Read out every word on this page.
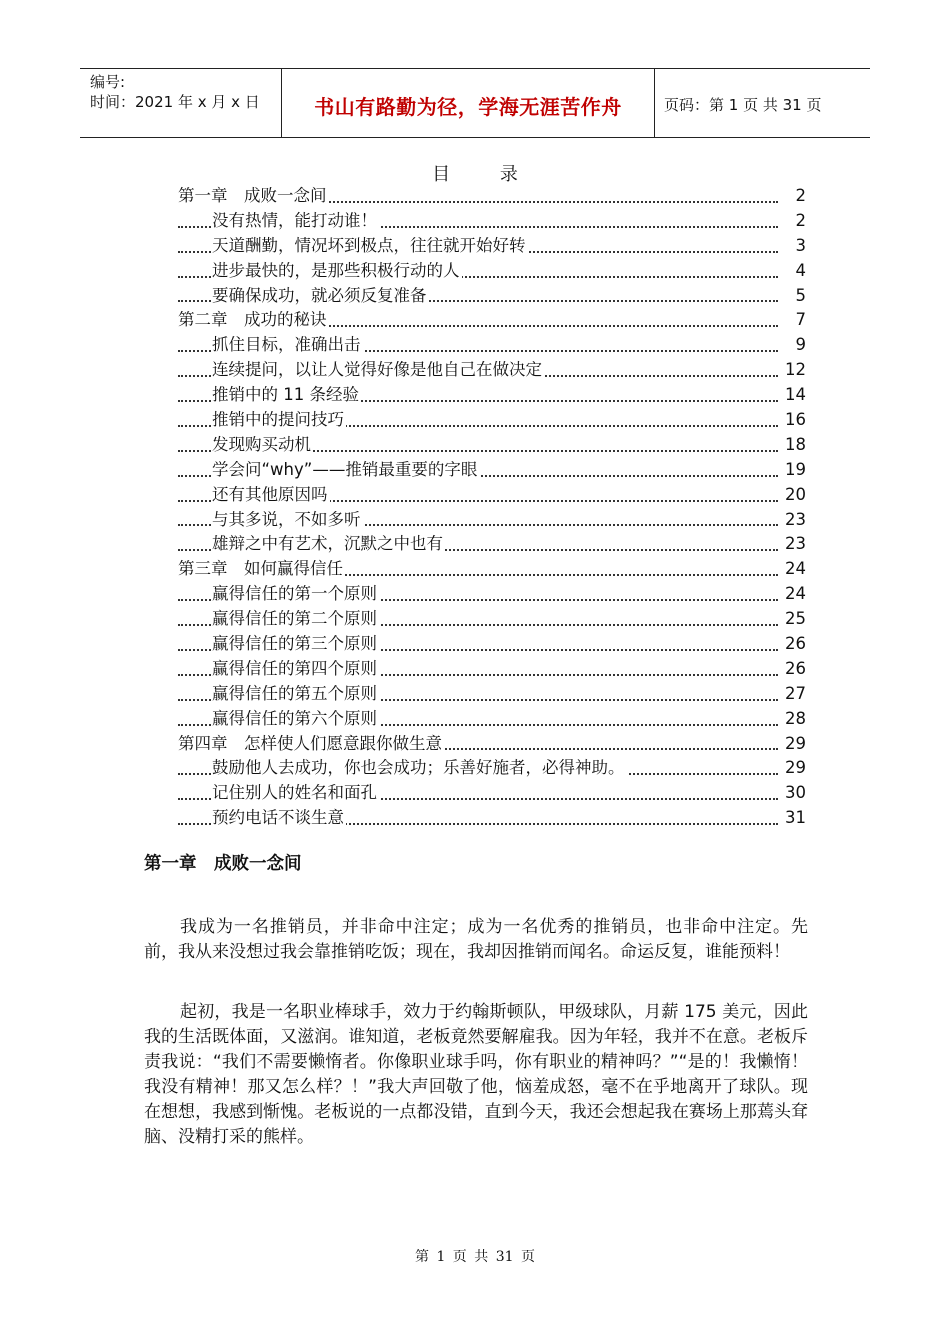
编号:
时间：2021 年 x 月 x 日	书山有路勤为径，学海无涯苦作舟	页码：第 1 页 共 31 页
目 录
第一章　成败一念间	2
没有热情，能打动谁！	2
天道酬勤，情况坏到极点，往往就开始好转	3
进步最快的，是那些积极行动的人	4
要确保成功，就必须反复准备	5
第二章　成功的秘诀	7
抓住目标，准确出击	9
连续提问，以让人觉得好像是他自己在做决定	12
推销中的 11 条经验	14
推销中的提问技巧	16
发现购买动机	18
学会问“why”——推销最重要的字眼	19
还有其他原因吗	20
与其多说，不如多听	23
雄辩之中有艺术，沉默之中也有	23
第三章　如何赢得信任	24
赢得信任的第一个原则	24
赢得信任的第二个原则	25
赢得信任的第三个原则	26
赢得信任的第四个原则	26
赢得信任的第五个原则	27
赢得信任的第六个原则	28
第四章　怎样使人们愿意跟你做生意	29
鼓励他人去成功，你也会成功；乐善好施者，必得神助。	29
记住别人的姓名和面孔	30
预约电话不谈生意	31
第一章　成败一念间

我成为一名推销员，并非命中注定；成为一名优秀的推销员，也非命中注定。先前，我从来没想过我会靠推销吃饭；现在，我却因推销而闻名。命运反复，谁能预料！

起初，我是一名职业棒球手，效力于约翰斯顿队，甲级球队，月薪 175 美元，因此我的生活既体面，又滋润。谁知道，老板竟然要解雇我。因为年轻，我并不在意。老板斥责我说：“我们不需要懒惰者。你像职业球手吗，你有职业的精神吗？”“是的！我懒惰！我没有精神！那又怎么样？！”我大声回敬了他，恼羞成怒，毫不在乎地离开了球队。现在想想，我感到惭愧。老板说的一点都没错，直到今天，我还会想起我在赛场上那蔫头耷脑、没精打采的熊样。

第 1 页 共 31 页
